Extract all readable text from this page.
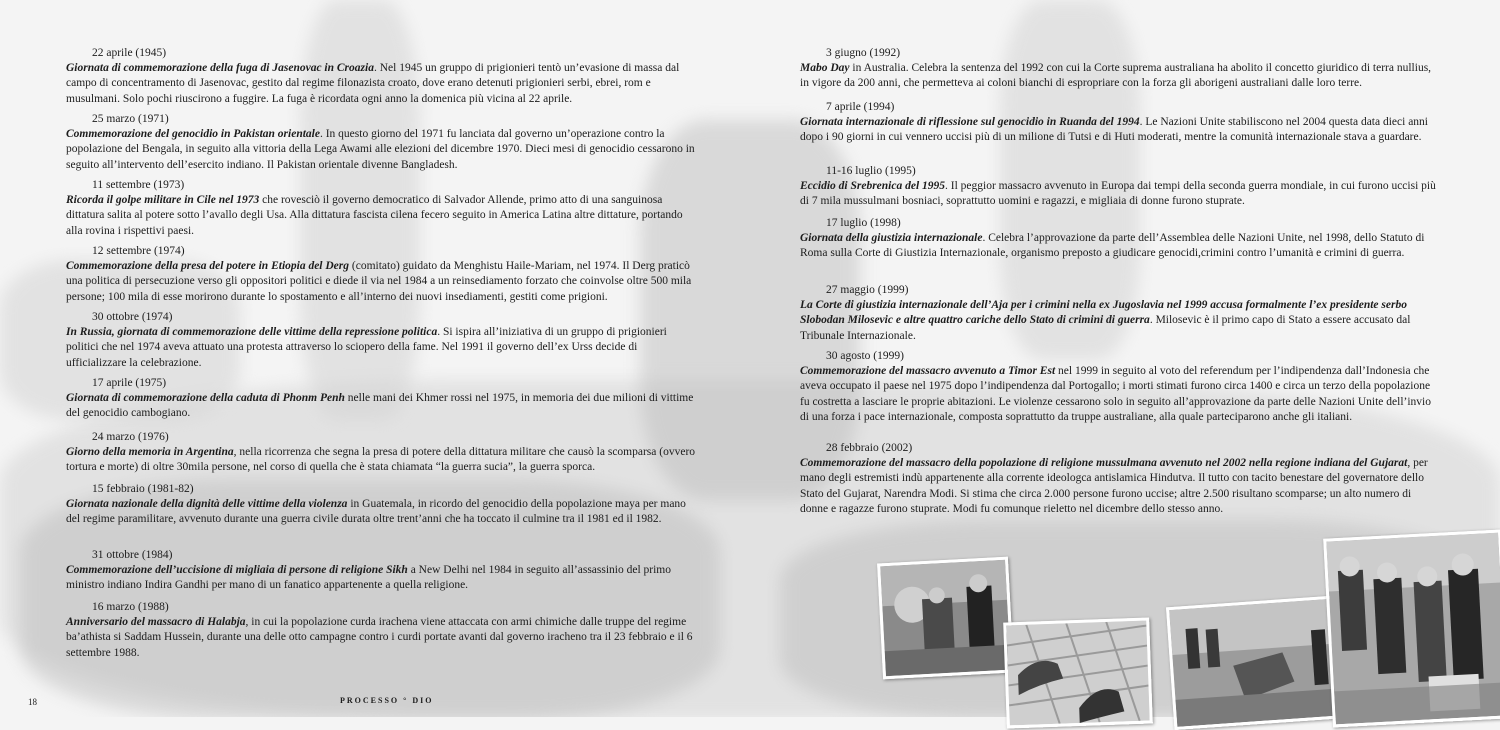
22 aprile (1945)
Giornata di commemorazione della fuga di Jasenovac in Croazia. Nel 1945 un gruppo di prigionieri tentò un’evasione di massa dal campo di concentramento di Jasenovac, gestito dal regime filonazista croato, dove erano detenuti prigionieri serbi, ebrei, rom e musulmani. Solo pochi riuscirono a fuggire. La fuga è ricordata ogni anno la domenica più vicina al 22 aprile.
25 marzo (1971)
Commemorazione del genocidio in Pakistan orientale. In questo giorno del 1971 fu lanciata dal governo un’operazione contro la popolazione del Bengala, in seguito alla vittoria della Lega Awami alle elezioni del dicembre 1970. Dieci mesi di genocidio cessarono in seguito all’intervento dell’esercito indiano. Il Pakistan orientale divenne Bangladesh.
11 settembre (1973)
Ricorda il golpe militare in Cile nel 1973 che rovesciò il governo democratico di Salvador Allende, primo atto di una sanguinosa dittatura salita al potere sotto l’avallo degli Usa. Alla dittatura fascista cilena fecero seguito in America Latina altre dittature, portando alla rovina i rispettivi paesi.
12 settembre (1974)
Commemorazione della presa del potere in Etiopia del Derg (comitato) guidato da Menghistu Haile-Mariam, nel 1974. Il Derg praticò una politica di persecuzione verso gli oppositori politici e diede il via nel 1984 a un reinsediamento forzato che coinvolse oltre 500 mila persone; 100 mila di esse morirono durante lo spostamento e all’interno dei nuovi insediamenti, gestiti come prigioni.
30 ottobre (1974)
In Russia, giornata di commemorazione delle vittime della repressione politica. Si ispira all’iniziativa di un gruppo di prigionieri politici che nel 1974 aveva attuato una protesta attraverso lo sciopero della fame. Nel 1991 il governo dell’ex Urss decide di ufficializzare la celebrazione.
17 aprile (1975)
Giornata di commemorazione della caduta di Phonm Penh nelle mani dei Khmer rossi nel 1975, in memoria dei due milioni di vittime del genocidio cambogiano.
24 marzo (1976)
Giorno della memoria in Argentina, nella ricorrenza che segna la presa di potere della dittatura militare che causò la scomparsa (ovvero tortura e morte) di oltre 30mila persone, nel corso di quella che è stata chiamata “la guerra sucia”, la guerra sporca.
15 febbraio (1981-82)
Giornata nazionale della dignità delle vittime della violenza in Guatemala, in ricordo del genocidio della popolazione maya per mano del regime paramilitare, avvenuto durante una guerra civile durata oltre trent’anni che ha toccato il culmine tra il 1981 ed il 1982.
31 ottobre (1984)
Commemorazione dell’uccisione di migliaia di persone di religione Sikh a New Delhi nel 1984 in seguito all’assassinio del primo ministro indiano Indira Gandhi per mano di un fanatico appartenente a quella religione.
16 marzo (1988)
Anniversario del massacro di Halabja, in cui la popolazione curda irachena viene attaccata con armi chimiche dalle truppe del regime ba’athista si Saddam Hussein, durante una delle otto campagne contro i curdi portate avanti dal governo iracheno tra il 23 febbraio e il 6 settembre 1988.
18	PROCESSO ° DIO
3 giugno (1992)
Mabo Day in Australia. Celebra la sentenza del 1992 con cui la Corte suprema australiana ha abolito il concetto giuridico di terra nullius, in vigore da 200 anni, che permetteva ai coloni bianchi di espropriare con la forza gli aborigeni australiani dalle loro terre.
7 aprile (1994)
Giornata internazionale di riflessione sul genocidio in Ruanda del 1994. Le Nazioni Unite stabiliscono nel 2004 questa data dieci anni dopo i 90 giorni in cui vennero uccisi più di un milione di Tutsi e di Huti moderati, mentre la comunità internazionale stava a guardare.
11-16 luglio (1995)
Eccidio di Srebrenica del 1995. Il peggior massacro avvenuto in Europa dai tempi della seconda guerra mondiale, in cui furono uccisi più di 7 mila mussulmani bosniaci, soprattutto uomini e ragazzi, e migliaia di donne furono stuprate.
17 luglio (1998)
Giornata della giustizia internazionale. Celebra l’approvazione da parte dell’Assemblea delle Nazioni Unite, nel 1998, dello Statuto di Roma sulla Corte di Giustizia Internazionale, organismo preposto a giudicare genocidi,crimini contro l’umanità e crimini di guerra.
27 maggio (1999)
La Corte di giustizia internazionale dell’Aja per i crimini nella ex Jugoslavia nel 1999 accusa formalmente l’ex presidente serbo Slobodan Milosevic e altre quattro cariche dello Stato di crimini di guerra. Milosevic è il primo capo di Stato a essere accusato dal Tribunale Internazionale.
30 agosto (1999)
Commemorazione del massacro avvenuto a Timor Est nel 1999 in seguito al voto del referendum per l’indipendenza dall’Indonesia che aveva occupato il paese nel 1975 dopo l’indipendenza dal Portogallo; i morti stimati furono circa 1400 e circa un terzo della popolazione fu costretta a lasciare le proprie abitazioni. Le violenze cessarono solo in seguito all’approvazione da parte delle Nazioni Unite dell’invio di una forza i pace internazionale, composta soprattutto da truppe australiane, alla quale parteciparono anche gli italiani.
28 febbraio (2002)
Commemorazione del massacro della popolazione di religione mussulmana avvenuto nel 2002 nella regione indiana del Gujarat, per mano degli estremisti indù appartenente alla corrente ideologca antislamica Hindutva. Il tutto con tacito benestare del governatore dello Stato del Gujarat, Narendra Modi. Si stima che circa 2.000 persone furono uccise; altre 2.500 risultano scomparse; un alto numero di donne e ragazze furono stuprate. Modi fu comunque rieletto nel dicembre dello stesso anno.
